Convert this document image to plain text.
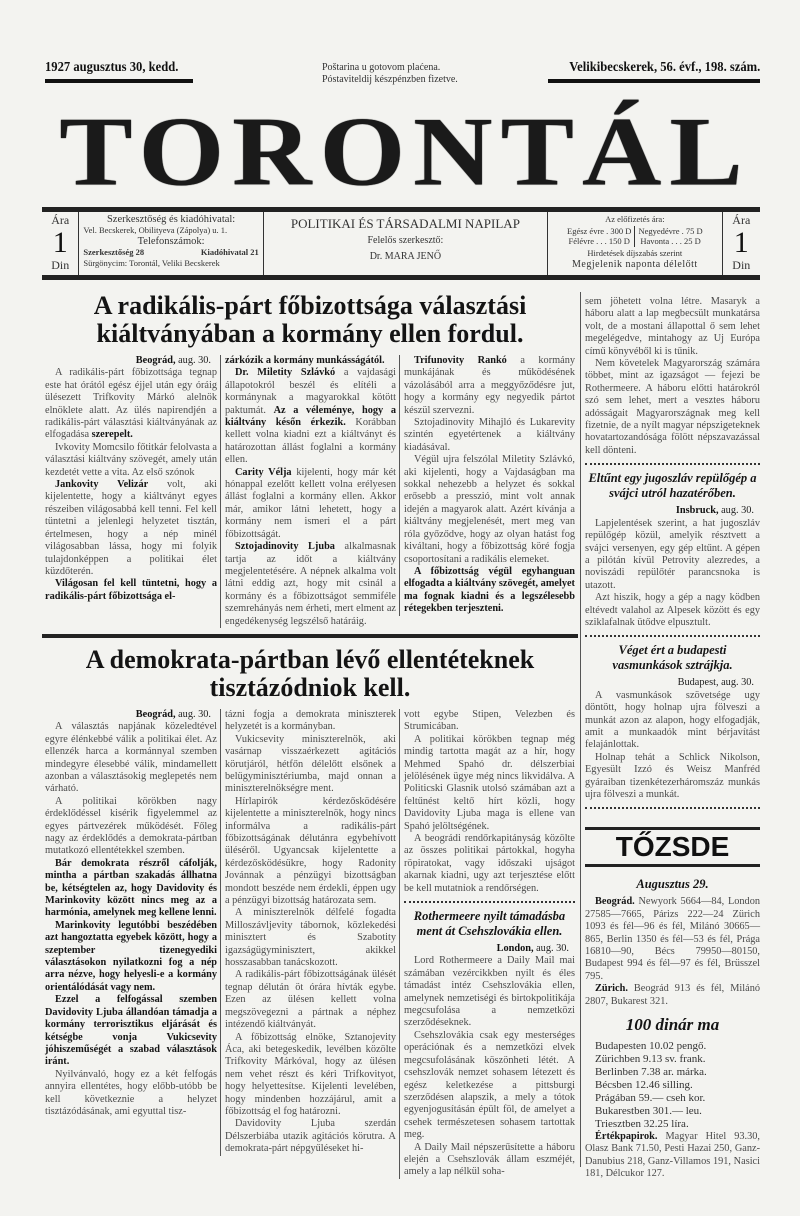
1927 augusztus 30, kedd.	Poštarina u gotovom plaćena.
Póstaviteldij készpénzben fizetve.
Velikibecskerek, 56. évf., 198. szám.
TORONTÁL
Ára
1
Din
Szerkesztőség és kiadóhivatal:
Vel. Becskerek, Obilityeva (Zápolya) u. 1.
Telefonszámok:
Szerkesztőség 28	Kiadóhivatal 21
Sürgönycim: Torontál, Veliki Becskerek
POLITIKAI ÉS TÁRSADALMI NAPILAP
Felelős szerkesztő:
Dr. MARA JENŐ
Az előfizetés ára:
Egész évre . 300 D	Negyedévre . 75 D
Félévre . . . 150 D	Havonta . . . 25 D
Hirdetések díjszabás szerint
Megjelenik naponta délelőtt
Ára
1
Din
A radikális-párt főbizottsága választási kiáltványában a kormány ellen fordul.
Beográd, aug. 30.

A radikális-párt főbizottsága tegnap este hat órától egész éjjel után egy óráig ülésezett Trifkovity Márkó alelnök elnöklete alatt. Az ülés napirendjén a radikális-párt választási kiáltványának az elfogadása szerepelt.

Ivkovity Momcsilo főtitkár felolvasta a választási kiáltvány szövegét, amely után kezdetét vette a vita. Az első szónok

Jankovity Velizár volt, aki kijelentette, hogy a kiáltványt egyes részeiben világosabbá kell tenni. Fel kell tüntetni a jelenlegi helyzetet tisztán, értelmesen, hogy a nép minél világosabban lássa, hogy mi folyik tulajdonképpen a politikai élet küzdőterén.

Világosan fel kell tüntetni, hogy a radikális-párt főbizottsága el-

zárkózik a kormány munkásságától.

Dr. Miletity Szlávkó a vajdasági állapotokról beszél és elítéli a kormánynak a magyarokkal kötött paktumát. Az a véleménye, hogy a kiáltvány későn érkezik. Korábban kellett volna kiadni ezt a kiáltványt és határozottan állást foglalni a kormány ellen.

Carity Vélja kijelenti, hogy már két hónappal ezelőtt kellett volna erélyesen állást foglalni a kormány ellen. Akkor már, amikor látni lehetett, hogy a kormány nem ismeri el a párt főbizottságát.

Sztojadinovity Ljuba alkalmasnak tartja az időt a kiáltvány megjelentetésére. A népnek alkalma volt látni eddig azt, hogy mit csinál a kormány és a főbizottságot semmiféle szemrehányás nem érheti, mert elment az engedékenység legszélső határáig.

Trifunovity Rankó a kormány munkájának és működésének vázolásából arra a meggyőződésre jut, hogy a kormány egy negyedik pártot készül szervezni.

Sztojadinovity Mihajló és Lukarevity szintén egyetértenek a kiáltvány kiadásával.

Végül ujra felszólal Miletity Szlávkó, aki kijelenti, hogy a Vajdaságban ma sokkal nehezebb a helyzet és sokkal erősebb a presszió, mint volt annak idején a magyarok alatt. Azért kívánja a kiáltvány megjelenését, mert meg van róla győződve, hogy az olyan hatást fog kiváltani, hogy a főbizottság köré fogja csoportosítani a radikális elemeket.

A főbizottság végül egyhanguan elfogadta a kiáltvány szövegét, amelyet ma fognak kiadni és a legszélesebb rétegekben terjeszteni.

A demokrata-pártban lévő ellentéteknek tisztázódniok kell.
Beográd, aug. 30.

A választás napjának közeledtével egyre élénkebbé válik a politikai élet. Az ellenzék harca a kormánnyal szemben mindegyre élesebbé válik, mindamellett azonban a választásokig meglepetés nem várható.

A politikai körökben nagy érdeklődéssel kisérik figyelemmel az egyes pártvezérek működését. Főleg nagy az érdeklődés a demokrata-pártban mutatkozó ellentétekkel szemben.

Bár demokrata részről cáfolják, mintha a pártban szakadás állhatna be, kétségtelen az, hogy Davidovity és Marinkovity között nincs meg az a harmónia, amelynek meg kellene lenni.

Marinkovity legutóbbi beszédében azt hangoztatta egyebek között, hogy a szeptember tizenegyediki választásokon nyilatkozni fog a nép arra nézve, hogy helyesli-e a kormány orientálódását vagy nem.

Ezzel a felfogással szemben Davidovity Ljuba állandóan támadja a kormány terrorisztikus eljárását és kétségbe vonja Vukicsevity jóhiszeműségét a szabad választások iránt.

Nyilvánvaló, hogy ez a két felfogás annyira ellentétes, hogy előbb-utóbb be kell következnie a helyzet tisztázódásának, ami egyuttal tisz-

tázni fogja a demokrata miniszterek helyzetét is a kormányban.

Vukicsevity miniszterelnök, aki vasárnap visszaérkezett agitációs körutjáról, hétfőn délelőtt elsőnek a belügyminisztériumba, majd onnan a miniszterelnökségre ment.

Hírlapirók kérdezősködésére kijelentette a miniszterelnök, hogy nincs informálva a radikális-párt főbizottságának délutánra egybehívott üléséről. Ugyancsak kijelentette a kérdezősködésükre, hogy Radonity Jovánnak a pénzügyi bizottságban mondott beszéde nem érdekli, éppen ugy a pénzügyi bizottság határozata sem.

A miniszterelnök délfelé fogadta Milloszávljevity tábornok, közlekedési minisztert és Szabotity igazságügyminisztert, akikkel hosszasabban tanácskozott.

A radikális-párt főbizottságának ülését tegnap délután öt órára hívták egybe. Ezen az ülésen kellett volna megszövegezni a pártnak a néphez intézendő kiáltványát.

A főbizottság elnöke, Sztanojevity Áca, aki betegeskedik, levélben közölte Trifkovity Márkóval, hogy az ülésen nem vehet részt és kéri Trifkovityot, hogy helyettesítse. Kijelenti levelében, hogy mindenben hozzájárul, amit a főbizottság el fog határozni.

Davidovity Ljuba szerdán Délszerbiába utazik agitációs körutra. A demokrata-párt népgyűléseket hi-

vott egybe Stipen, Velezben és Strumicában.

A politikai körökben tegnap még mindig tartotta magát az a hír, hogy Mehmed Spahó dr. délszerbiai jelölésének ügye még nincs likvidálva. A Politicski Glasnik utolsó számában azt a feltűnést keltő hírt közli, hogy Davidovity Ljuba maga is ellene van Spahó jelöltségének.

A beográdi rendőrkapitányság közölte az összes politikai pártokkal, hogyha röpiratokat, vagy időszaki ujságot akarnak kiadni, ugy azt terjesztése előtt be kell mutatniok a rendőrségen.

Rothermeere nyilt támadásba ment át Csehszlovákia ellen.
London, aug. 30.

Lord Rothermeere a Daily Mail mai számában vezércikkben nyilt és éles támadást intéz Csehszlovákia ellen, amelynek nemzetiségi és birtokpolitikája megcsufolása a nemzetközi szerződéseknek.

Csehszlovákia csak egy mesterséges operációnak és a nemzetközi elvek megcsufolásának köszönheti létét. A csehszlovák nemzet sohasem létezett és egész keletkezése a pittsburgi szerződésen alapszik, a mely a tótok egyenjogusításán épült föl, de amelyet a csehek természetesen sohasem tartottak meg.

A Daily Mail népszerűsítette a háboru elején a Csehszlovák állam eszméjét, amely a lap nélkül soha-

sem jöhetett volna létre. Masaryk a háboru alatt a lap megbecsült munkatársa volt, de a mostani állapottal ő sem lehet megelégedve, mintahogy az Uj Európa című könyvéből ki is tűnik.

Nem követelek Magyarország számára többet, mint az igazságot — fejezi be Rothermeere. A háboru előtti határokról szó sem lehet, mert a vesztes háboru adósságait Magyarországnak meg kell fizetnie, de a nyílt magyar népszigeteknek hovatartozandósága fölött népszavazással kell dönteni.

Eltűnt egy jugoszláv repülőgép a svájci utról hazatérőben.
Insbruck, aug. 30.

Lapjelentések szerint, a hat jugoszláv repülőgép közül, amelyik résztvett a svájci versenyen, egy gép eltűnt. A gépen a pilótán kívül Petrovity alezredes, a noviszádi repülőtér parancsnoka is utazott.

Azt hiszik, hogy a gép a nagy ködben eltévedt valahol az Alpesek között és egy sziklafalnak ütődve elpusztult.

Véget ért a budapesti vasmunkások sztrájkja.
Budapest, aug. 30.

A vasmunkások szövetsége ugy döntött, hogy holnap ujra fölveszi a munkát azon az alapon, hogy elfogadják, amit a munkaadók mint bérjavítást felajánlottak.

Holnap tehát a Schlick Nikolson, Egyesült Izzó és Weisz Manfréd gyáraiban tizenkétezerháromszáz munkás ujra fölveszi a munkát.

TŐZSDE
Augusztus 29.

Beográd. Newyork 5664—84, London 27585—7665, Párizs 222—24 Zürich 1093 és fél—96 és fél, Milánó 30665—865, Berlin 1350 és fél—53 és fél, Prága 16810—90, Bécs 79950—80150, Budapest 994 és fél—97 és fél, Brüsszel 795.

Zürich. Beográd 913 és fél, Milánó 2807, Bukarest 321.

100 dinár ma
Budapesten 10.02 pengő.
Zürichben 9.13 sv. frank.
Berlinben 7.38 ar. márka.
Bécsben 12.46 silling.
Prágában 59.— cseh kor.
Bukarestben 301.— leu.
Triesztben 32.25 líra.

Értékpapirok. Magyar Hitel 93.30, Olasz Bank 71.50, Pesti Hazai 250, Ganz-Danubius 218, Ganz-Villamos 191, Nasici 181, Délcukor 127.
